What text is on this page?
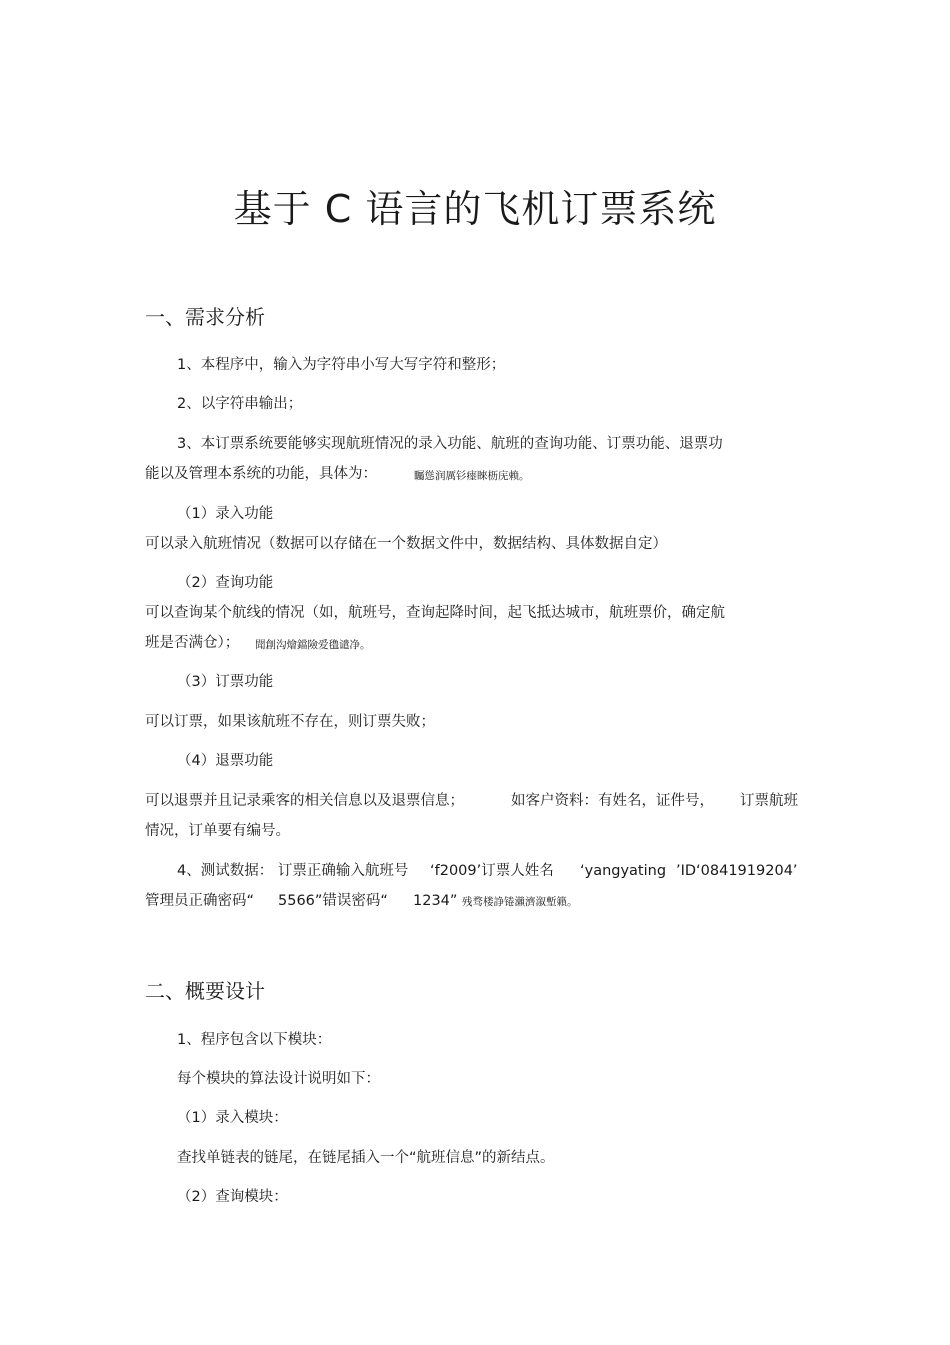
基于 C 语言的飞机订票系统
一、需求分析
1、本程序中，输入为字符串小写大写字符和整形；
2、以字符串输出；
3、本订票系统要能够实现航班情况的录入功能、航班的查询功能、订票功能、退票功
能以及管理本系统的功能，具体为：	矚慫润厲钐瘗睞枥庑赖。
（1）录入功能
可以录入航班情况（数据可以存储在一个数据文件中，数据结构、具体数据自定）
（2）查询功能
可以查询某个航线的情况（如，航班号，查询起降时间，起飞抵达城市，航班票价，确定航
班是否满仓）； 聞創沟燴鐺險爱氇谴净。
（3）订票功能
可以订票，如果该航班不存在，则订票失败；
（4）退票功能
可以退票并且记录乘客的相关信息以及退票信息；	如客户资料：有姓名，证件号， 订票航班
情况，订单要有编号。
4、测试数据： 订票正确输入航班号 ‘f2009’订票人姓名 ‘yangyating ’ID‘0841919204’
管理员正确密码“ 5566”错误密码“ 1234” 残骛楼諍锩瀨濟溆塹籟。
二、概要设计
1、程序包含以下模块：
每个模块的算法设计说明如下：
（1）录入模块：
查找单链表的链尾，在链尾插入一个“航班信息”的新结点。
（2）查询模块：
